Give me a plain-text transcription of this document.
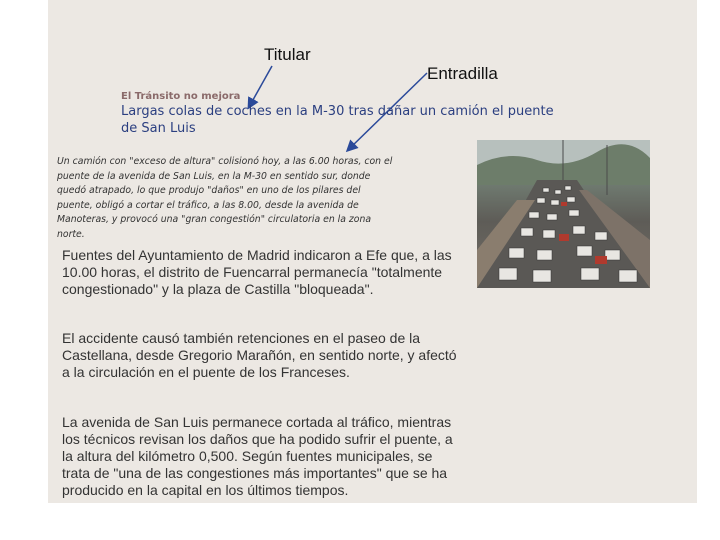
Titular
Entradilla
El Tránsito no mejora
Largas colas de coches en la M-30 tras dañar un camión el puente de San Luis
Un camión con "exceso de altura" colisionó hoy, a las 6.00 horas, con el
puente de la avenida de San Luis, en la M-30 en sentido sur, donde
quedó atrapado, lo que produjo "daños" en uno de los pilares del
puente, obligó a cortar el tráfico, a las 8.00, desde la avenida de
Manoteras, y provocó una "gran congestión" circulatoria en la zona
norte.
Fuentes del Ayuntamiento de Madrid indicaron a Efe que, a las 10.00 horas, el distrito de Fuencarral permanecía "totalmente congestionado" y la plaza de Castilla "bloqueada".
El accidente causó también retenciones en el paseo de la Castellana, desde Gregorio Marañón, en sentido norte, y afectó a la circulación en el puente de los Franceses.
La avenida de San Luis permanece cortada al tráfico, mientras los técnicos revisan los daños que ha podido sufrir el puente, a la altura del kilómetro 0,500. Según fuentes municipales, se trata de "una de las congestiones más importantes" que se ha producido en la capital en los últimos tiempos.
